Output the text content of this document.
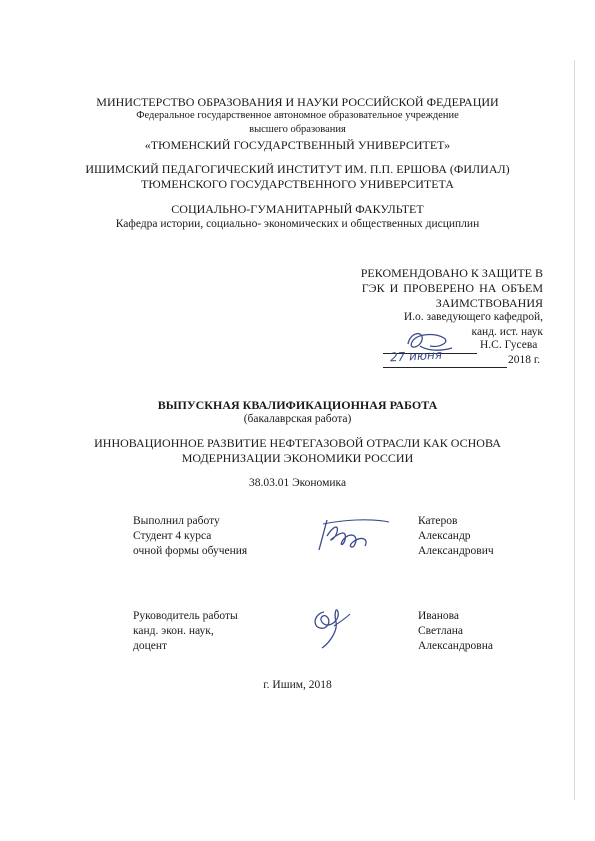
МИНИСТЕРСТВО ОБРАЗОВАНИЯ И НАУКИ РОССИЙСКОЙ ФЕДЕРАЦИИ
Федеральное государственное автономное образовательное учреждение
высшего образования
«ТЮМЕНСКИЙ ГОСУДАРСТВЕННЫЙ УНИВЕРСИТЕТ»
ИШИМСКИЙ ПЕДАГОГИЧЕСКИЙ ИНСТИТУТ ИМ. П.П. ЕРШОВА (ФИЛИАЛ)
ТЮМЕНСКОГО ГОСУДАРСТВЕННОГО УНИВЕРСИТЕТА
СОЦИАЛЬНО-ГУМАНИТАРНЫЙ ФАКУЛЬТЕТ
Кафедра истории, социально- экономических и общественных дисциплин
РЕКОМЕНДОВАНО К ЗАЩИТЕ В
ГЭК И ПРОВЕРЕНО НА ОБЪЕМ
ЗАИМСТВОВАНИЯ
И.о. заведующего кафедрой,
канд. ист. наук
Н.С. Гусева
27 июня	2018 г.
ВЫПУСКНАЯ КВАЛИФИКАЦИОННАЯ РАБОТА
(бакалаврская работа)
ИННОВАЦИОННОЕ РАЗВИТИЕ НЕФТЕГАЗОВОЙ ОТРАСЛИ КАК ОСНОВА
МОДЕРНИЗАЦИИ ЭКОНОМИКИ РОССИИ
38.03.01 Экономика
Выполнил работу
Студент 4 курса
очной формы обучения
Катеров
Александр
Александрович
Руководитель работы
канд. экон. наук,
доцент
Иванова
Светлана
Александровна
г. Ишим, 2018
